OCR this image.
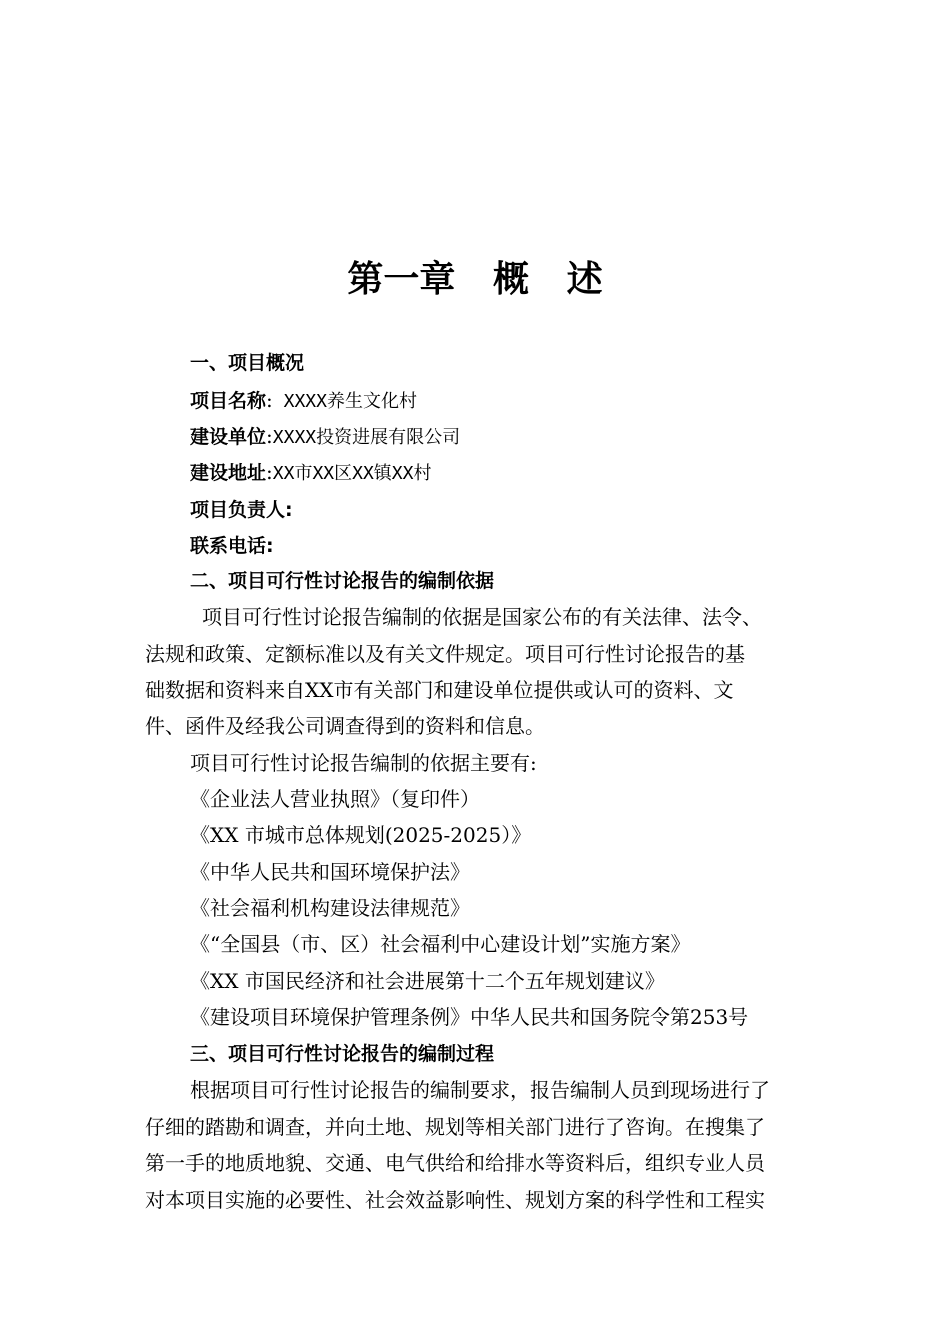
第一章   概   述
一、项目概况
项目名称: XXXX养生文化村
建设单位:XXXX投资进展有限公司
建设地址:XX市XX区XX镇XX村
项目负责人:
联系电话:
二、项目可行性讨论报告的编制依据
项目可行性讨论报告编制的依据是国家公布的有关法律、法令、
法规和政策、定额标准以及有关文件规定。项目可行性讨论报告的基
础数据和资料来自XX市有关部门和建设单位提供或认可的资料、文
件、函件及经我公司调查得到的资料和信息。
项目可行性讨论报告编制的依据主要有:
《企业法人营业执照》（复印件）
《XX 市城市总体规划(2025-2025）》
《中华人民共和国环境保护法》
《社会福利机构建设法律规范》
《“全国县（市、区）社会福利中心建设计划”实施方案》
《XX 市国民经济和社会进展第十二个五年规划建议》
《建设项目环境保护管理条例》中华人民共和国务院令第253号
三、项目可行性讨论报告的编制过程
根据项目可行性讨论报告的编制要求，报告编制人员到现场进行了
仔细的踏勘和调查，并向土地、规划等相关部门进行了咨询。在搜集了
第一手的地质地貌、交通、电气供给和给排水等资料后，组织专业人员
对本项目实施的必要性、社会效益影响性、规划方案的科学性和工程实
